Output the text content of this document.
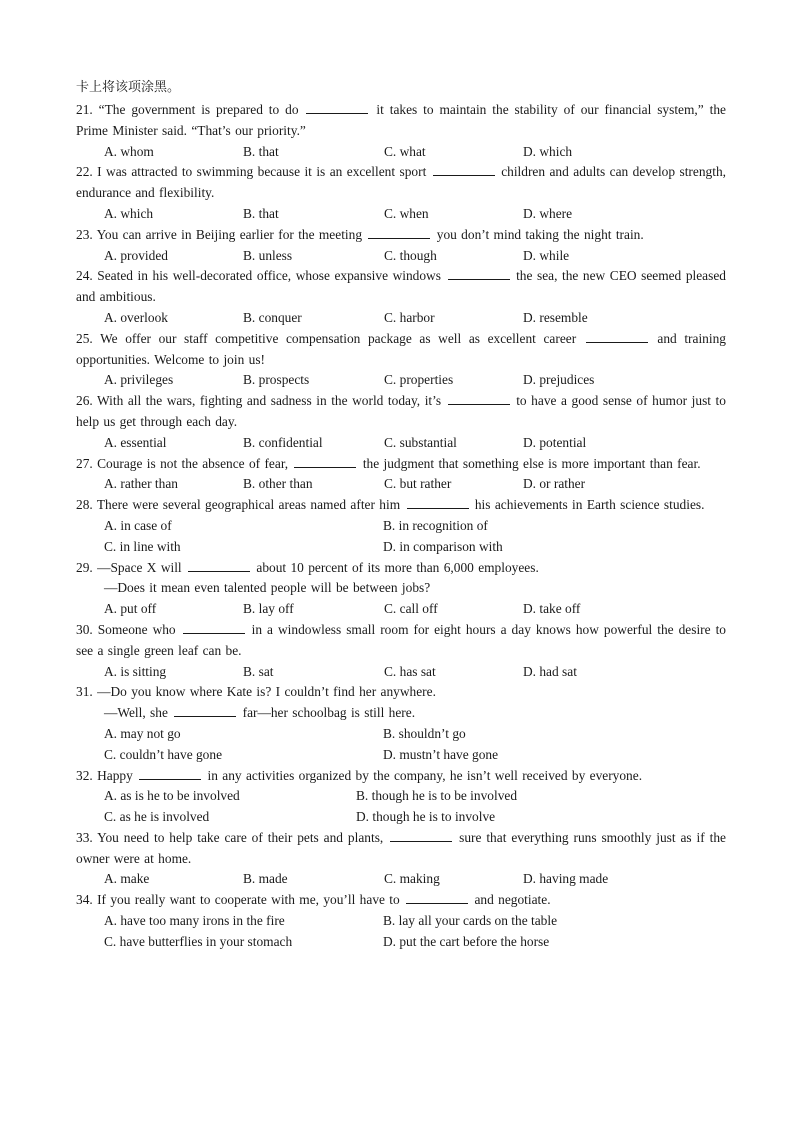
卡上将该项涂黑。
21. “The government is prepared to do	it takes to maintain the stability of our financial system,” the Prime Minister said. “That’s our priority.”
A. whom	B. that	C. what	D. which
22. I was attracted to swimming because it is an excellent sport	children and adults can develop strength, endurance and flexibility.
A. which	B. that	C. when	D. where
23. You can arrive in Beijing earlier for the meeting	you don’t mind taking the night train.
A. provided	B. unless	C. though	D. while
24. Seated in his well-decorated office, whose expansive windows	the sea, the new CEO seemed pleased and ambitious.
A. overlook	B. conquer	C. harbor	D. resemble
25. We offer our staff competitive compensation package as well as excellent career	and training opportunities. Welcome to join us!
A. privileges	B. prospects	C. properties	D. prejudices
26. With all the wars, fighting and sadness in the world today, it’s	to have a good sense of humor just to help us get through each day.
A. essential	B. confidential	C. substantial	D. potential
27. Courage is not the absence of fear,	the judgment that something else is more important than fear.
A. rather than	B. other than	C. but rather	D. or rather
28. There were several geographical areas named after him	his achievements in Earth science studies.
A. in case of	B. in recognition of
C. in line with	D. in comparison with
29. —Space X will	about 10 percent of its more than 6,000 employees.
—Does it mean even talented people will be between jobs?
A. put off	B. lay off	C. call off	D. take off
30. Someone who	in a windowless small room for eight hours a day knows how powerful the desire to see a single green leaf can be.
A. is sitting	B. sat	C. has sat	D. had sat
31. —Do you know where Kate is? I couldn’t find her anywhere.
—Well, she	far—her schoolbag is still here.
A. may not go	B. shouldn’t go
C. couldn’t have gone	D. mustn’t have gone
32. Happy	in any activities organized by the company, he isn’t well received by everyone.
A. as is he to be involved	B. though he is to be involved
C. as he is involved	D. though he is to involve
33. You need to help take care of their pets and plants,	sure that everything runs smoothly just as if the owner were at home.
A. make	B. made	C. making	D. having made
34. If you really want to cooperate with me, you’ll have to	and negotiate.
A. have too many irons in the fire	B. lay all your cards on the table
C. have butterflies in your stomach	D. put the cart before the horse
